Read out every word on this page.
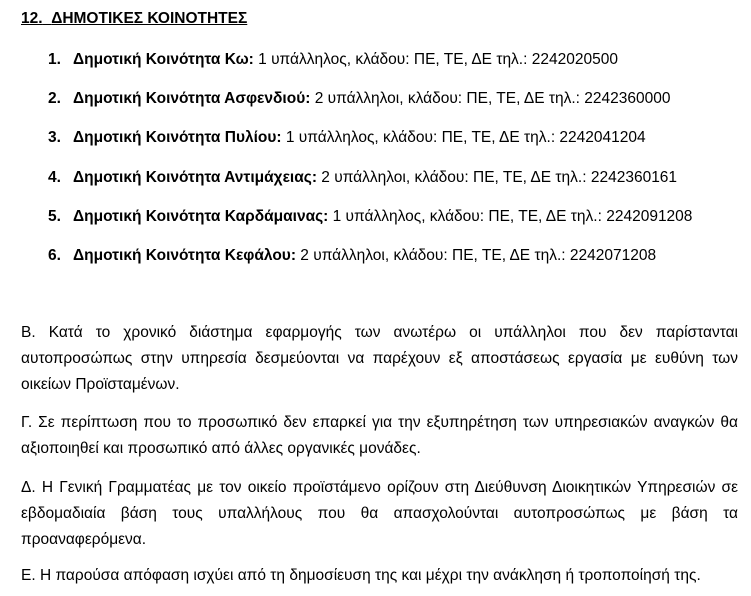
12. ΔΗΜΟΤΙΚΕΣ ΚΟΙΝΟΤΗΤΕΣ
1. Δημοτική Κοινότητα Κω: 1 υπάλληλος, κλάδου: ΠΕ, ΤΕ, ΔΕ τηλ.: 2242020500
2. Δημοτική Κοινότητα Ασφενδιού: 2 υπάλληλοι, κλάδου: ΠΕ, ΤΕ, ΔΕ τηλ.: 2242360000
3. Δημοτική Κοινότητα Πυλίου: 1 υπάλληλος, κλάδου: ΠΕ, ΤΕ, ΔΕ τηλ.: 2242041204
4. Δημοτική Κοινότητα Αντιμάχειας: 2 υπάλληλοι, κλάδου: ΠΕ, ΤΕ, ΔΕ τηλ.: 2242360161
5. Δημοτική Κοινότητα Καρδάμαινας: 1 υπάλληλος, κλάδου: ΠΕ, ΤΕ, ΔΕ τηλ.: 2242091208
6. Δημοτική Κοινότητα Κεφάλου: 2 υπάλληλοι, κλάδου: ΠΕ, ΤΕ, ΔΕ τηλ.: 2242071208

Β. Κατά το χρονικό διάστημα εφαρμογής των ανωτέρω οι υπάλληλοι που δεν παρίστανται αυτοπροσώπως στην υπηρεσία δεσμεύονται να παρέχουν εξ αποστάσεως εργασία με ευθύνη των οικείων Προϊσταμένων.

Γ. Σε περίπτωση που το προσωπικό δεν επαρκεί για την εξυπηρέτηση των υπηρεσιακών αναγκών θα αξιοποιηθεί και προσωπικό από άλλες οργανικές μονάδες.

Δ. Η Γενική Γραμματέας με τον οικείο προϊστάμενο ορίζουν στη Διεύθυνση Διοικητικών Υπηρεσιών σε εβδομαδιαία βάση τους υπαλλήλους που θα απασχολούνται αυτοπροσώπως με βάση τα προαναφερόμενα.

Ε. Η παρούσα απόφαση ισχύει από τη δημοσίευση της και μέχρι την ανάκληση ή τροποποίησή της.
